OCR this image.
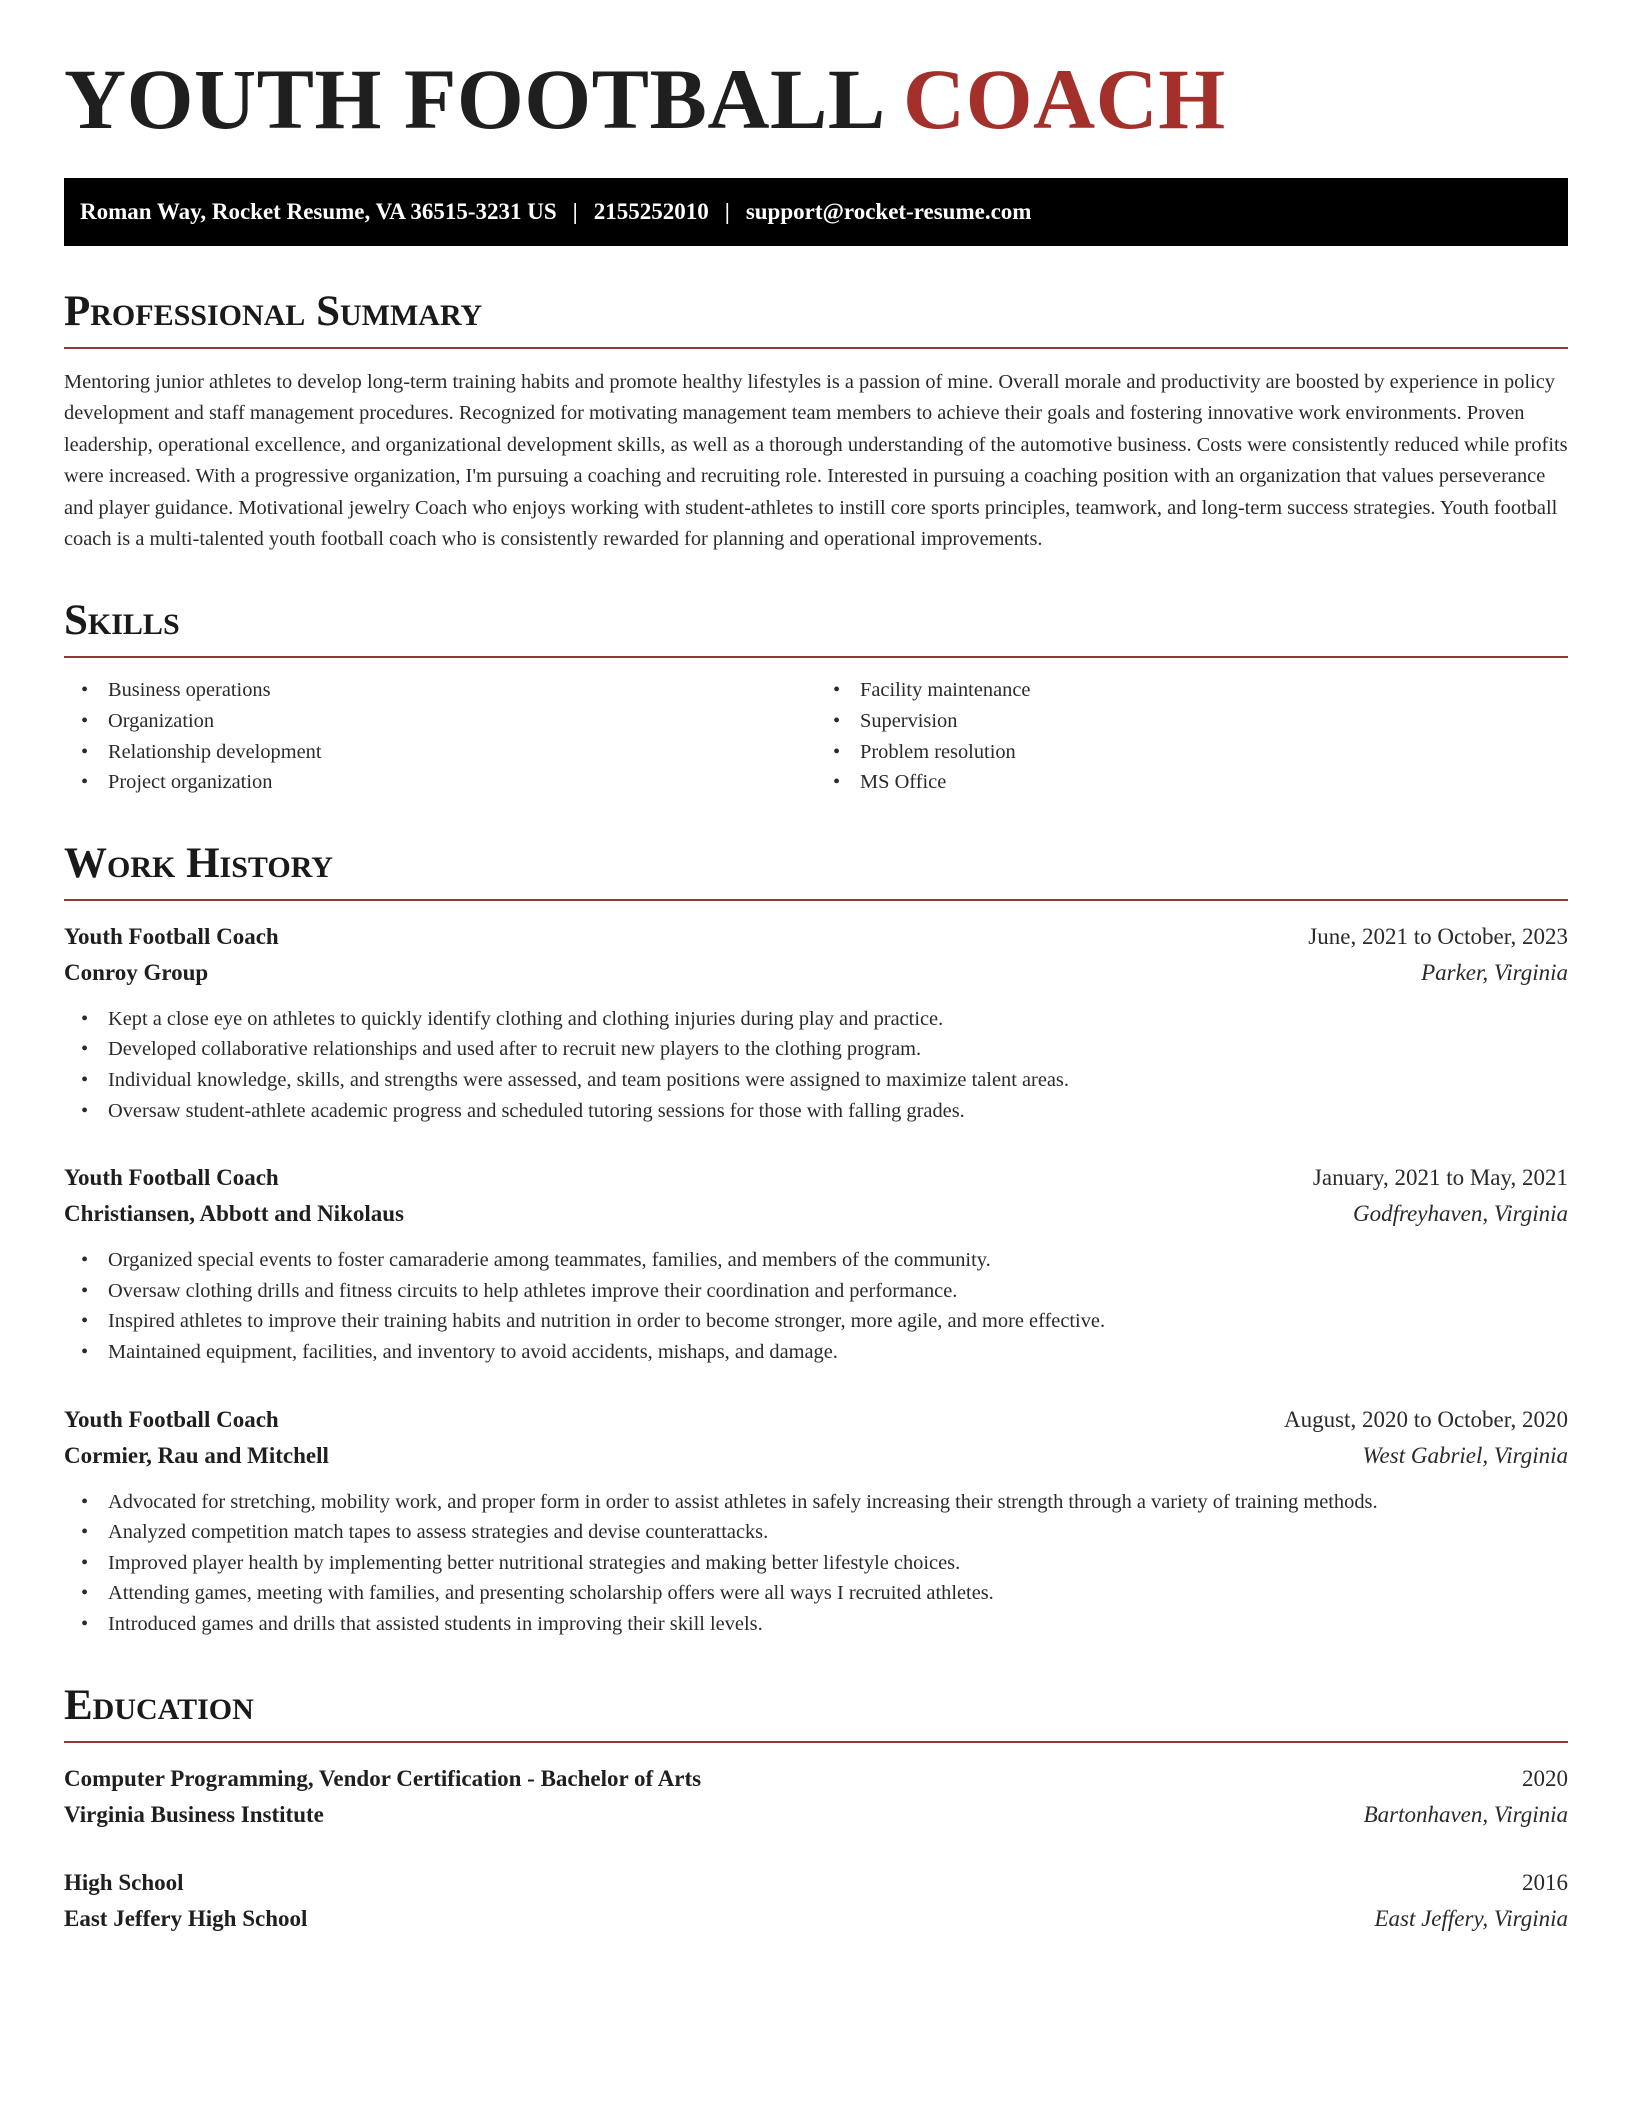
YOUTH FOOTBALL COACH
Roman Way, Rocket Resume, VA 36515-3231 US | 2155252010 | support@rocket-resume.com
Professional Summary

Mentoring junior athletes to develop long-term training habits and promote healthy lifestyles is a passion of mine. Overall morale and productivity are boosted by experience in policy development and staff management procedures. Recognized for motivating management team members to achieve their goals and fostering innovative work environments. Proven leadership, operational excellence, and organizational development skills, as well as a thorough understanding of the automotive business. Costs were consistently reduced while profits were increased. With a progressive organization, I'm pursuing a coaching and recruiting role. Interested in pursuing a coaching position with an organization that values perseverance and player guidance. Motivational jewelry Coach who enjoys working with student-athletes to instill core sports principles, teamwork, and long-term success strategies. Youth football coach is a multi-talented youth football coach who is consistently rewarded for planning and operational improvements.

Skills
• Business operations
• Organization
• Relationship development
• Project organization
• Facility maintenance
• Supervision
• Problem resolution
• MS Office
Work History
Youth Football Coach	June, 2021 to October, 2023
Conroy Group	Parker, Virginia
• Kept a close eye on athletes to quickly identify clothing and clothing injuries during play and practice.
• Developed collaborative relationships and used after to recruit new players to the clothing program.
• Individual knowledge, skills, and strengths were assessed, and team positions were assigned to maximize talent areas.
• Oversaw student-athlete academic progress and scheduled tutoring sessions for those with falling grades.
Youth Football Coach	January, 2021 to May, 2021
Christiansen, Abbott and Nikolaus	Godfreyhaven, Virginia
• Organized special events to foster camaraderie among teammates, families, and members of the community.
• Oversaw clothing drills and fitness circuits to help athletes improve their coordination and performance.
• Inspired athletes to improve their training habits and nutrition in order to become stronger, more agile, and more effective.
• Maintained equipment, facilities, and inventory to avoid accidents, mishaps, and damage.
Youth Football Coach	August, 2020 to October, 2020
Cormier, Rau and Mitchell	West Gabriel, Virginia
• Advocated for stretching, mobility work, and proper form in order to assist athletes in safely increasing their strength through a variety of training methods.
• Analyzed competition match tapes to assess strategies and devise counterattacks.
• Improved player health by implementing better nutritional strategies and making better lifestyle choices.
• Attending games, meeting with families, and presenting scholarship offers were all ways I recruited athletes.
• Introduced games and drills that assisted students in improving their skill levels.
Education
Computer Programming, Vendor Certification - Bachelor of Arts	2020
Virginia Business Institute	Bartonhaven, Virginia
High School	2016
East Jeffery High School	East Jeffery, Virginia
